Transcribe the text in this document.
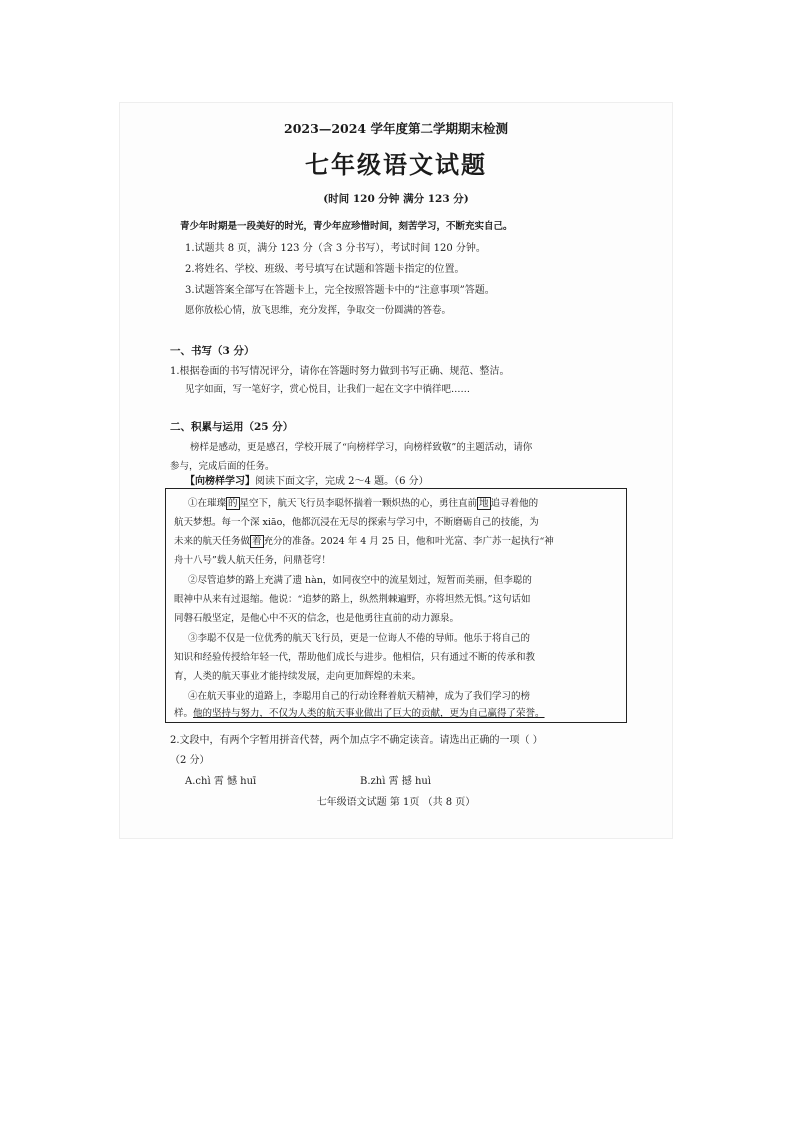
2023—2024 学年度第二学期期末检测
七年级语文试题
(时间 120 分钟 满分 123 分)
青少年时期是一段美好的时光，青少年应珍惜时间，刻苦学习，不断充实自己。
1.试题共 8 页，满分 123 分（含 3 分书写），考试时间 120 分钟。
2.将姓名、学校、班级、考号填写在试题和答题卡指定的位置。
3.试题答案全部写在答题卡上，完全按照答题卡中的“注意事项”答题。
愿你放松心情，放飞思维，充分发挥，争取交一份圆满的答卷。
一、书写（3 分）
1.根据卷面的书写情况评分，请你在答题时努力做到书写正确、规范、整洁。
见字如面，写一笔好字，赏心悦目，让我们一起在文字中徜徉吧……
二、积累与运用（25 分）
榜样是感动，更是感召，学校开展了“向榜样学习，向榜样致敬”的主题活动，请你
参与，完成后面的任务。
【向榜样学习】阅读下面文字，完成 2～4 题。（6 分）
①在璀璨 的 星空下，航天飞行员李聪怀揣着一颗炽热的心，勇往直前 地 追寻着他的
航天梦想。每一个深 xiāo，他都沉浸在无尽的探索与学习中，不断磨砺自己的技能，为
未来的航天任务做 着 充分的准备。2024 年 4 月 25 日，他和叶光富、李广苏一起执行“神
舟十八号”载人航天任务，问鼎苍穹！
②尽管追梦的路上充满了遗 hàn，如同夜空中的流星划过，短暂而美丽，但李聪的
眼神中从来有过退缩。他说：“追梦的路上，纵然荆棘遍野，亦将坦然无惧。”这句话如
同磐石般坚定，是他心中不灭的信念，也是他勇往直前的动力源泉。
③李聪不仅是一位优秀的航天飞行员，更是一位诲人不倦的导师。他乐于将自己的
知识和经验传授给年轻一代，帮助他们成长与进步。他相信，只有通过不断的传承和教
育，人类的航天事业才能持续发展，走向更加辉煌的未来。
④在航天事业的道路上，李聪用自己的行动诠释着航天精神，成为了我们学习的榜
样。他的坚持与努力，不仅为人类的航天事业做出了巨大的贡献，更为自己赢得了荣誉。
2.文段中，有两个字暂用拼音代替，两个加点字不确定读音。请选出正确的一项（ ）
（2 分）
A.chì 霄 憾 huī	B.zhì 霄 撼 huì
七年级语文试题 第 1页 （共 8 页）
